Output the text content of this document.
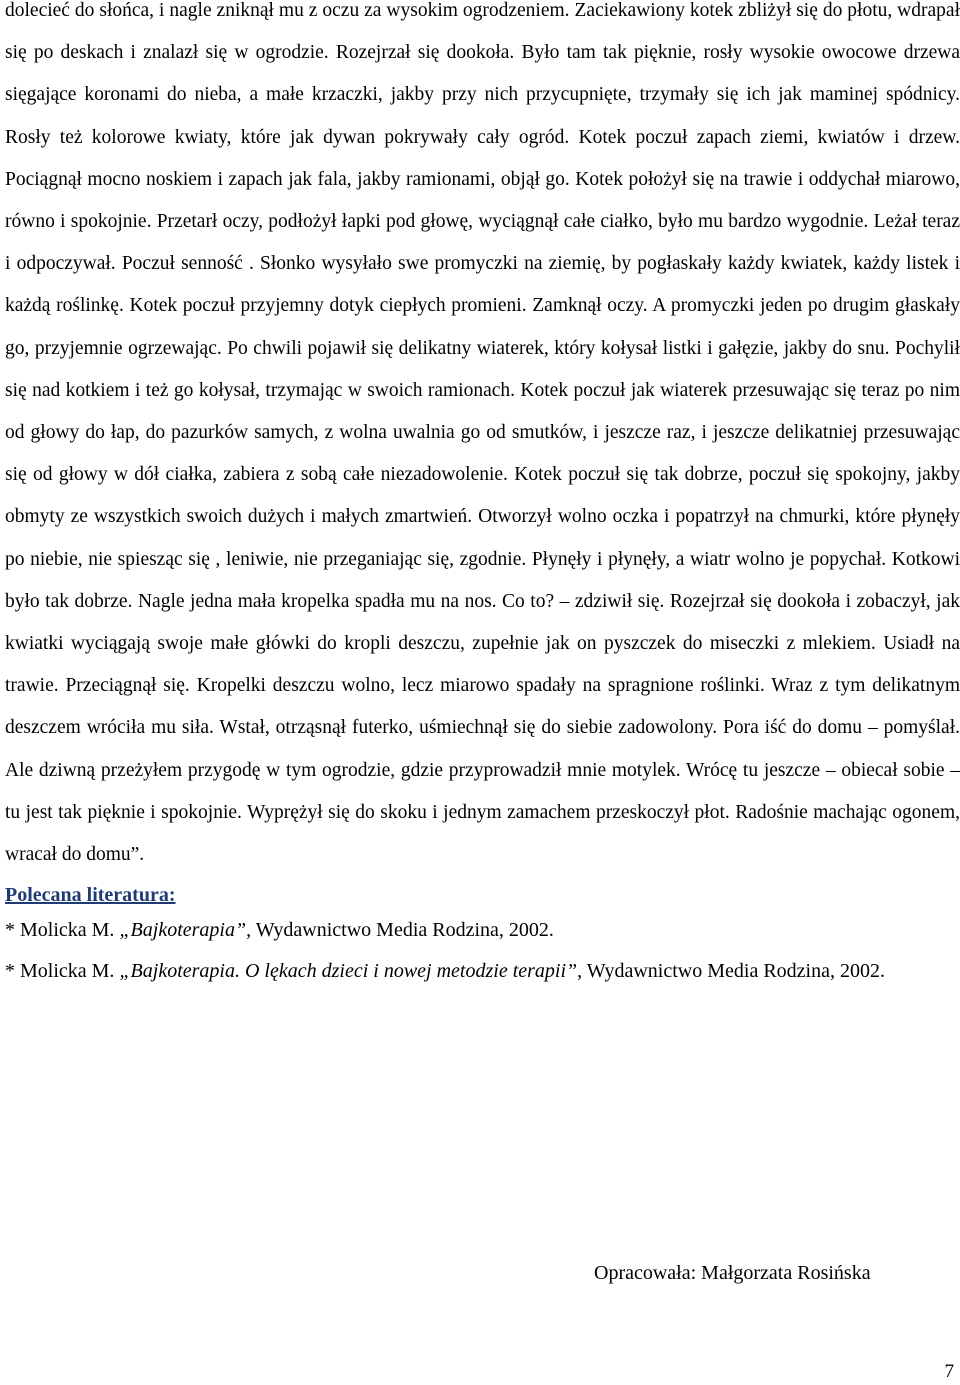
dolecieć do słońca, i nagle zniknął mu z oczu za wysokim ogrodzeniem. Zaciekawiony kotek zbliżył się do płotu, wdrapał się po deskach i znalazł się w ogrodzie. Rozejrzał się dookoła. Było tam tak pięknie, rosły wysokie owocowe drzewa sięgające koronami do nieba, a małe krzaczki, jakby przy nich przycupnięte, trzymały się ich jak maminej spódnicy. Rosły też kolorowe kwiaty, które jak dywan pokrywały cały ogród. Kotek poczuł zapach ziemi, kwiatów i drzew. Pociągnął mocno noskiem i zapach jak fala, jakby ramionami, objął go. Kotek położył się na trawie i oddychał miarowo, równo i spokojnie. Przetarł oczy, podłożył łapki pod głowę, wyciągnął całe ciałko, było mu bardzo wygodnie. Leżał teraz i odpoczywał. Poczuł senność . Słonko wysyłało swe promyczki na ziemię, by pogłaskały każdy kwiatek, każdy listek i każdą roślinkę. Kotek poczuł przyjemny dotyk ciepłych promieni. Zamknął oczy. A promyczki jeden po drugim głaskały go, przyjemnie ogrzewając. Po chwili pojawił się delikatny wiaterek, który kołysał listki i gałęzie, jakby do snu. Pochylił się nad kotkiem i też go kołysał, trzymając w swoich ramionach. Kotek poczuł jak wiaterek przesuwając się teraz po nim od głowy do łap, do pazurków samych, z wolna uwalnia go od smutków, i jeszcze raz, i jeszcze delikatniej przesuwając się od głowy w dół ciałka, zabiera z sobą całe niezadowolenie. Kotek poczuł się tak dobrze, poczuł się spokojny, jakby obmyty ze wszystkich swoich dużych i małych zmartwień. Otworzył wolno oczka i popatrzył na chmurki, które płynęły po niebie, nie spiesząc się , leniwie, nie przeganiając się, zgodnie. Płynęły i płynęły, a wiatr wolno je popychał. Kotkowi było tak dobrze. Nagle jedna mała kropelka spadła mu na nos. Co to? – zdziwił się. Rozejrzał się dookoła i zobaczył, jak kwiatki wyciągają swoje małe główki do kropli deszczu, zupełnie jak on pyszczek do miseczki z mlekiem. Usiadł na trawie. Przeciągnął się. Kropelki deszczu wolno, lecz miarowo spadały na spragnione roślinki. Wraz z tym delikatnym deszczem wróciła mu siła. Wstał, otrząsnął futerko, uśmiechnął się do siebie zadowolony. Pora iść do domu – pomyślał. Ale dziwną przeżyłem przygodę w tym ogrodzie, gdzie przyprowadził mnie motylek. Wrócę tu jeszcze – obiecał sobie – tu jest tak pięknie i spokojnie. Wyprężył się do skoku i jednym zamachem przeskoczył płot. Radośnie machając ogonem, wracał do domu”.

Polecana literatura:

* Molicka M. „Bajkoterapia”, Wydawnictwo Media Rodzina, 2002.

* Molicka M. „Bajkoterapia. O lękach dzieci i nowej metodzie terapii”, Wydawnictwo Media Rodzina, 2002.

Opracowała: Małgorzata Rosińska
7
